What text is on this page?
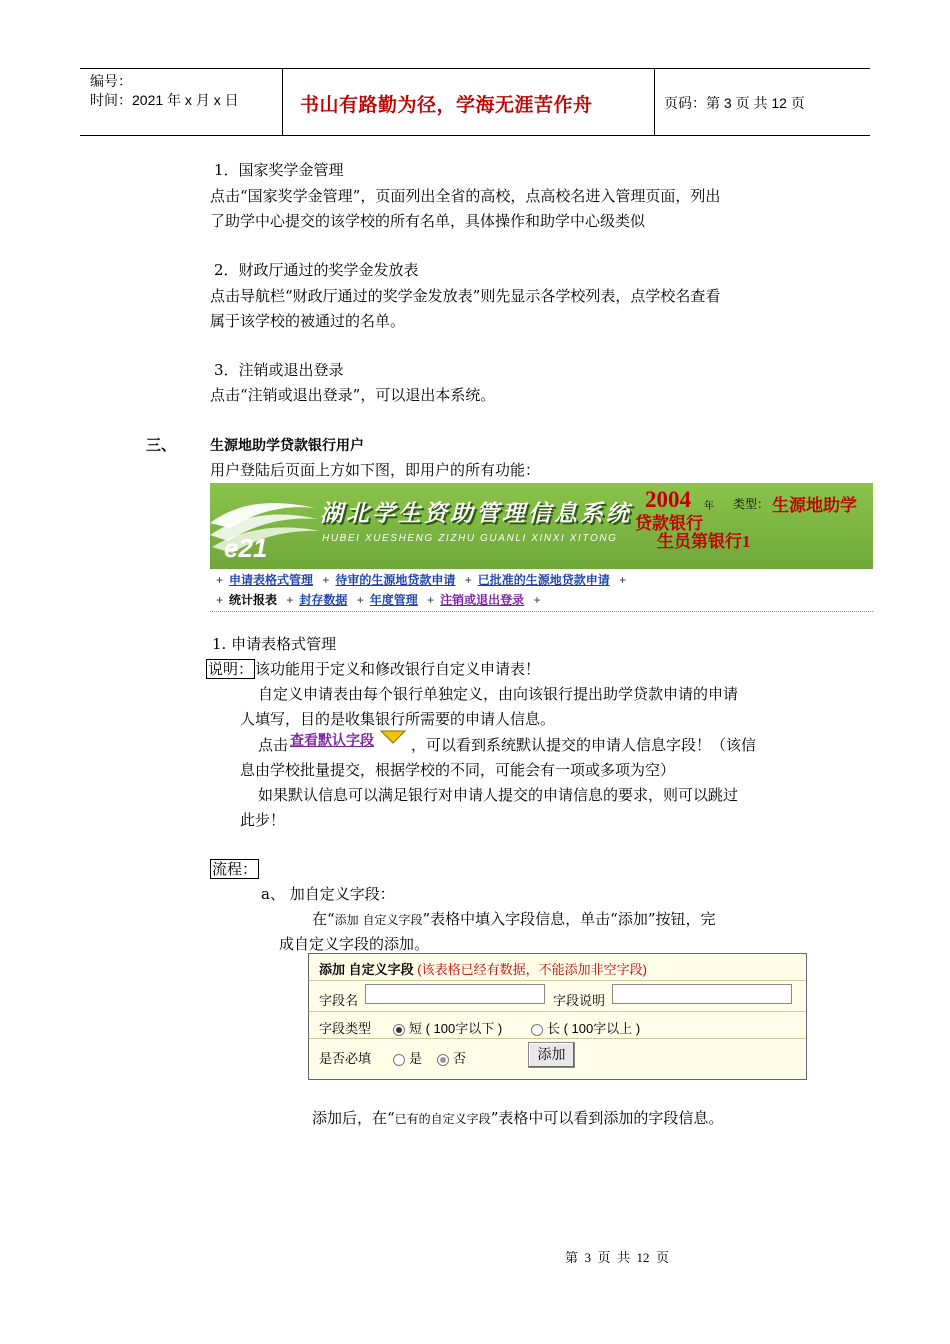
编号：
时间：2021 年 x 月 x 日	书山有路勤为径，学海无涯苦作舟	页码：第 3 页 共 12 页
1．国家奖学金管理
点击“国家奖学金管理”，页面列出全省的高校，点高校名进入管理页面，列出
了助学中心提交的该学校的所有名单，具体操作和助学中心级类似
2．财政厅通过的奖学金发放表
点击导航栏“财政厅通过的奖学金发放表”则先显示各学校列表，点学校名查看
属于该学校的被通过的名单。
3．注销或退出登录
点击“注销或退出登录”，可以退出本系统。
三、 生源地助学贷款银行用户
用户登陆后页面上方如下图，即用户的所有功能：
e21
湖北学生资助管理信息系统
HUBEI XUESHENG ZIZHU GUANLI XINXI XITONG
2004 年 类型： 生源地助学
贷款银行
生员第银行1
+ 申请表格式管理 + 待审的生源地贷款申请 + 已批准的生源地贷款申请 +
+ 统计报表 + 封存数据 + 年度管理 + 注销或退出登录 +
1. 申请表格式管理
说明： 该功能用于定义和修改银行自定义申请表！
自定义申请表由每个银行单独定义，由向该银行提出助学贷款申请的申请
人填写，目的是收集银行所需要的申请人信息。
点击 查看默认字段	，可以看到系统默认提交的申请人信息字段！（该信
息由学校批量提交，根据学校的不同，可能会有一项或多项为空）
如果默认信息可以满足银行对申请人提交的申请信息的要求，则可以跳过
此步！
流程：
a、 加自定义字段：
在“添加 自定义字段”表格中填入字段信息，单击“添加”按钮，完
成自定义字段的添加。
添加 自定义字段 (该表格已经有数据，不能添加非空字段)
字段名	字段说明
字段类型	短 ( 100字以下 )	长 ( 100字以上 )
是否必填	是	否	添加
添加后，在“已有的自定义字段”表格中可以看到添加的字段信息。
第  3  页  共  12  页
